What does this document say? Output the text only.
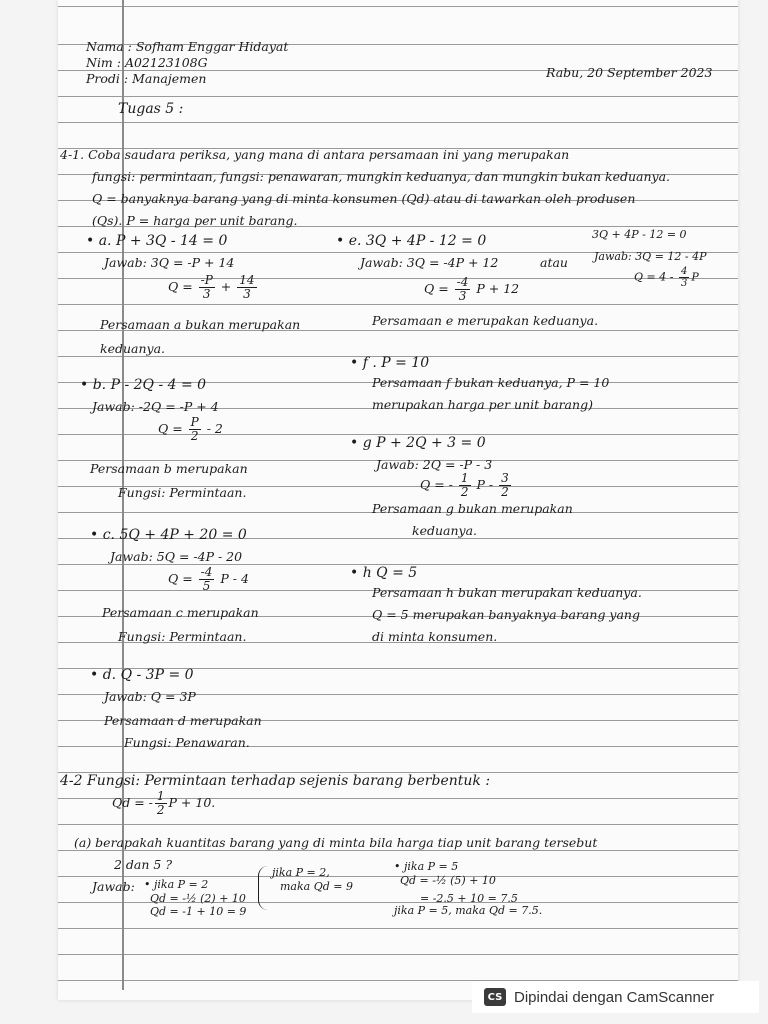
Nama : Sofham Enggar Hidayat
Nim : A02123108G
Prodi : Manajemen	Rabu, 20 September 2023
Tugas 5 :
4-1. Coba saudara periksa, yang mana di antara persamaan ini yang merupakan
fungsi: permintaan, fungsi: penawaran, mungkin keduanya, dan mungkin bukan keduanya.
Q = banyaknya barang yang di minta konsumen (Qd) atau di tawarkan oleh produsen
(Qs). P = harga per unit barang.
• a. P + 3Q - 14 = 0
Jawab: 3Q = -P + 14
$Q = \frac{-P}{3} + \frac{14}{3}$
Persamaan a bukan merupakan
keduanya.
• e. 3Q + 4P - 12 = 0	3Q + 4P - 12 = 0
Jawab: 3Q = -4P + 12	atau Jawab: 3Q = 12 - 4P
$Q = 4 - \frac{4}{3}$ P
$Q = \frac{-4}{3}$ P + 12
Persamaan e merupakan keduanya.
• f . P = 10
Persamaan f bukan keduanya, P = 10
merupakan harga per unit barang)
• b. P - 2Q - 4 = 0
Jawab: -2Q = -P + 4
$Q = \frac{P}{2} - 2$
Persamaan b merupakan
Fungsi: Permintaan.
• g P + 2Q + 3 = 0
Jawab: 2Q = -P - 3
Q = - $\frac{1}{2}$ P - $\frac{3}{2}$
Persamaan g bukan merupakan
keduanya.
• c. 5Q + 4P + 20 = 0
Jawab: 5Q = -4P - 20
$Q = \frac{-4}{5}$ P - 4
Persamaan c merupakan
Fungsi: Permintaan.
• h Q = 5
Persamaan h bukan merupakan keduanya.
Q = 5 merupakan banyaknya barang yang
di minta konsumen.
• d. Q - 3P = 0
Jawab: Q = 3P
Persamaan d merupakan
Fungsi: Penawaran.
4-2 Fungsi: Permintaan terhadap sejenis barang berbentuk :
Qd = - $\frac{1}{2}$ P + 10.
(a) berapakah kuantitas barang yang di minta bila harga tiap unit barang tersebut
2 dan 5 ?
Jawab: • jika P = 2
Qd = -½ (2) + 10
Qd = -1 + 10 = 9
jika P = 2,
maka Qd = 9
• jika P = 5
Qd = -½ (5) + 10
= -2.5 + 10 = 7.5
jika P = 5, maka Qd = 7.5.
CS Dipindai dengan CamScanner
